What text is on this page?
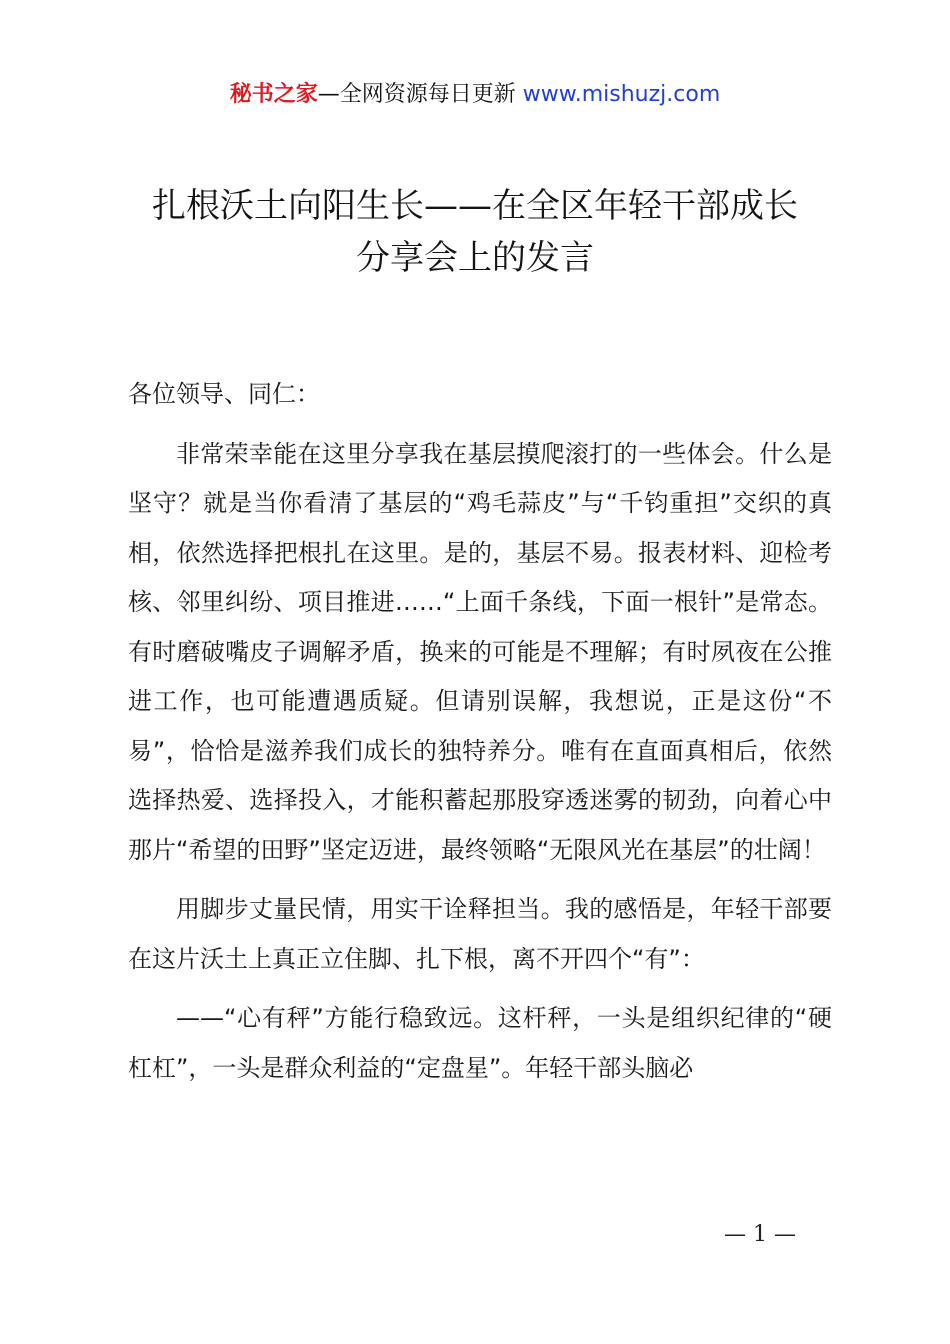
秘书之家—全网资源每日更新 www.mishuzj.com
扎根沃土向阳生长——在全区年轻干部成长
分享会上的发言

各位领导、同仁：

非常荣幸能在这里分享我在基层摸爬滚打的一些体会。什么是坚守？就是当你看清了基层的“鸡毛蒜皮”与“千钧重担”交织的真相，依然选择把根扎在这里。是的，基层不易。报表材料、迎检考核、邻里纠纷、项目推进……“上面千条线，下面一根针”是常态。有时磨破嘴皮子调解矛盾，换来的可能是不理解；有时夙夜在公推进工作，也可能遭遇质疑。但请别误解，我想说，正是这份“不易”，恰恰是滋养我们成长的独特养分。唯有在直面真相后，依然选择热爱、选择投入，才能积蓄起那股穿透迷雾的韧劲，向着心中那片“希望的田野”坚定迈进，最终领略“无限风光在基层”的壮阔！

用脚步丈量民情，用实干诠释担当。我的感悟是，年轻干部要在这片沃土上真正立住脚、扎下根，离不开四个“有”：

——“心有秤”方能行稳致远。这杆秤，一头是组织纪律的“硬杠杠”，一头是群众利益的“定盘星”。年轻干部头脑必

— 1 —
